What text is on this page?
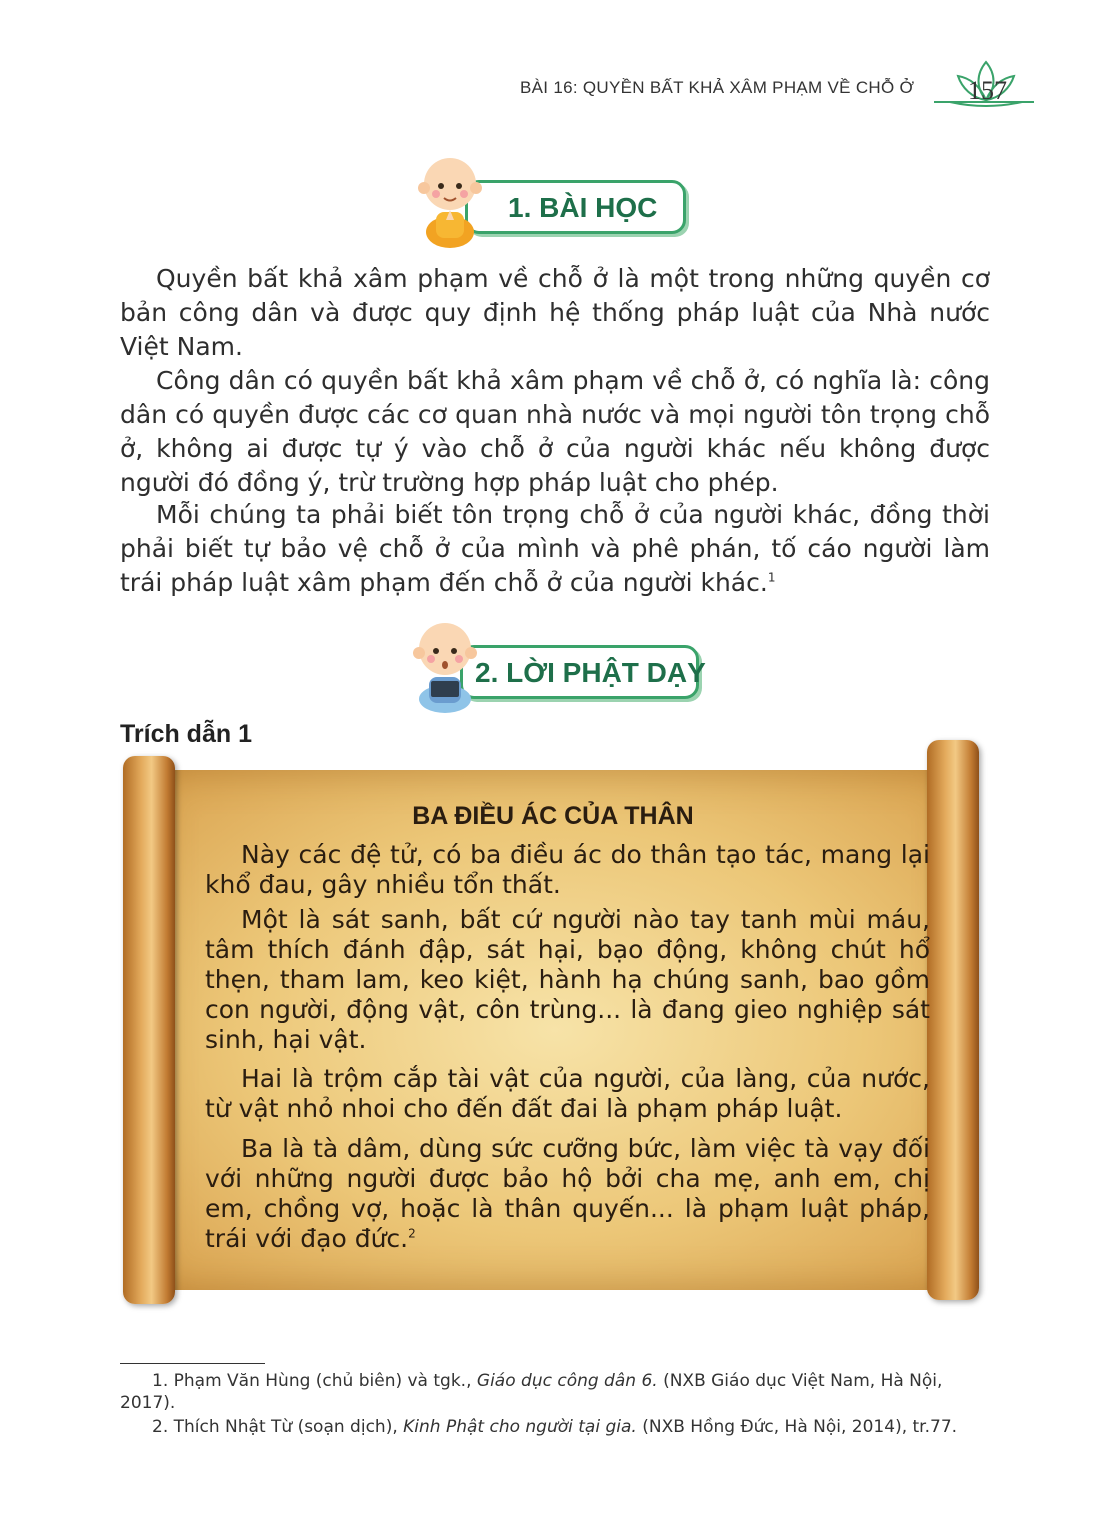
BÀI 16: QUYỀN BẤT KHẢ XÂM PHẠM VỀ CHỖ Ở 157
1. BÀI HỌC

Quyền bất khả xâm phạm về chỗ ở là một trong những quyền cơ bản công dân và được quy định hệ thống pháp luật của Nhà nước Việt Nam.

Công dân có quyền bất khả xâm phạm về chỗ ở, có nghĩa là: công dân có quyền được các cơ quan nhà nước và mọi người tôn trọng chỗ ở, không ai được tự ý vào chỗ ở của người khác nếu không được người đó đồng ý, trừ trường hợp pháp luật cho phép.

Mỗi chúng ta phải biết tôn trọng chỗ ở của người khác, đồng thời phải biết tự bảo vệ chỗ ở của mình và phê phán, tố cáo người làm trái pháp luật xâm phạm đến chỗ ở của người khác.$^1$

2. LỜI PHẬT DẠY
Trích dẫn 1
BA ĐIỀU ÁC CỦA THÂN

Này các đệ tử, có ba điều ác do thân tạo tác, mang lại khổ đau, gây nhiều tổn thất.

Một là sát sanh, bất cứ người nào tay tanh mùi máu, tâm thích đánh đập, sát hại, bạo động, không chút hổ thẹn, tham lam, keo kiệt, hành hạ chúng sanh, bao gồm con người, động vật, côn trùng... là đang gieo nghiệp sát sinh, hại vật.

Hai là trộm cắp tài vật của người, của làng, của nước, từ vật nhỏ nhoi cho đến đất đai là phạm pháp luật.

Ba là tà dâm, dùng sức cưỡng bức, làm việc tà vạy đối với những người được bảo hộ bởi cha mẹ, anh em, chị em, chồng vợ, hoặc là thân quyến... là phạm luật pháp, trái với đạo đức.$^2$

1. Phạm Văn Hùng (chủ biên) và tgk., Giáo dục công dân 6. (NXB Giáo dục Việt Nam, Hà Nội, 2017).

2. Thích Nhật Từ (soạn dịch), Kinh Phật cho người tại gia. (NXB Hồng Đức, Hà Nội, 2014), tr.77.
